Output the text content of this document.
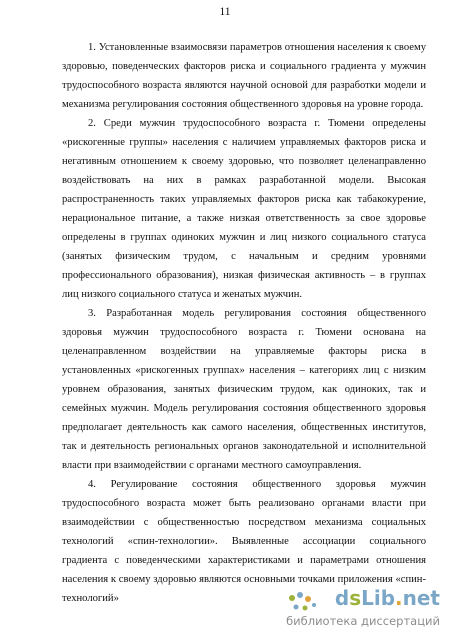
11

1. Установленные взаимосвязи параметров отношения населения к своему здоровью, поведенческих факторов риска и социального градиента у мужчин трудоспособного возраста являются научной основой для разработки модели и механизма регулирования состояния общественного здоровья на уровне города.

2. Среди мужчин трудоспособного возраста г. Тюмени определены «рискогенные группы» населения с наличием управляемых факторов риска и негативным отношением к своему здоровью, что позволяет целенаправленно воздействовать на них в рамках разработанной модели. Высокая распространенность таких управляемых факторов риска как табакокурение, нерациональное питание, а также низкая ответственность за свое здоровье определены в группах одиноких мужчин и лиц низкого социального статуса (занятых физическим трудом, с начальным и средним уровнями профессионального образования), низкая физическая активность – в группах лиц низкого социального статуса и женатых мужчин.

3. Разработанная модель регулирования состояния общественного здоровья мужчин трудоспособного возраста г. Тюмени основана на целенаправленном воздействии на управляемые факторы риска в установленных «рискогенных группах» населения – категориях лиц с низким уровнем образования, занятых физическим трудом, как одиноких, так и семейных мужчин. Модель регулирования состояния общественного здоровья предполагает деятельность как самого населения, общественных институтов, так и деятельность региональных органов законодательной и исполнительной власти при взаимодействии с органами местного самоуправления.

4. Регулирование состояния общественного здоровья мужчин трудоспособного возраста может быть реализовано органами власти при взаимодействии с общественностью посредством механизма социальных технологий «спин-технологии». Выявленные ассоциации социального градиента с поведенческими характеристиками и параметрами отношения населения к своему здоровью являются основными точками приложения «спин-технологий»	dsLib.net
библиотека диссертаций
